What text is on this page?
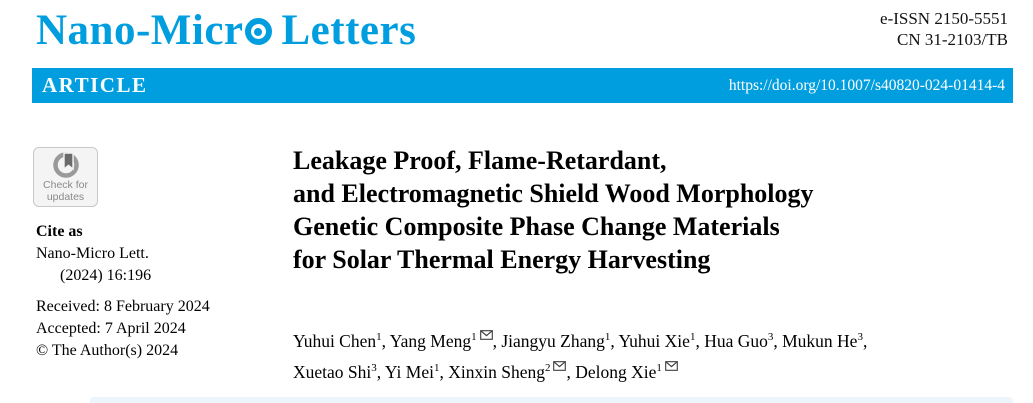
Nano-Micr Letters	e-ISSN 2150-5551
CN 31-2103/TB
ARTICLE	https://doi.org/10.1007/s40820-024-01414-4
Check for
updates
Cite as
Nano-Micro Lett.
(2024) 16:196
Received: 8 February 2024
Accepted: 7 April 2024
© The Author(s) 2024
Leakage Proof, Flame-Retardant,
and Electromagnetic Shield Wood Morphology
Genetic Composite Phase Change Materials
for Solar Thermal Energy Harvesting
Yuhui Chen$^1$, Yang Meng$^1$ , Jiangyu Zhang$^1$, Yuhui Xie$^1$, Hua Guo$^3$, Mukun He$^3$,
Xuetao Shi$^3$, Yi Mei$^1$, Xinxin Sheng$^2$ , Delong Xie$^1$
